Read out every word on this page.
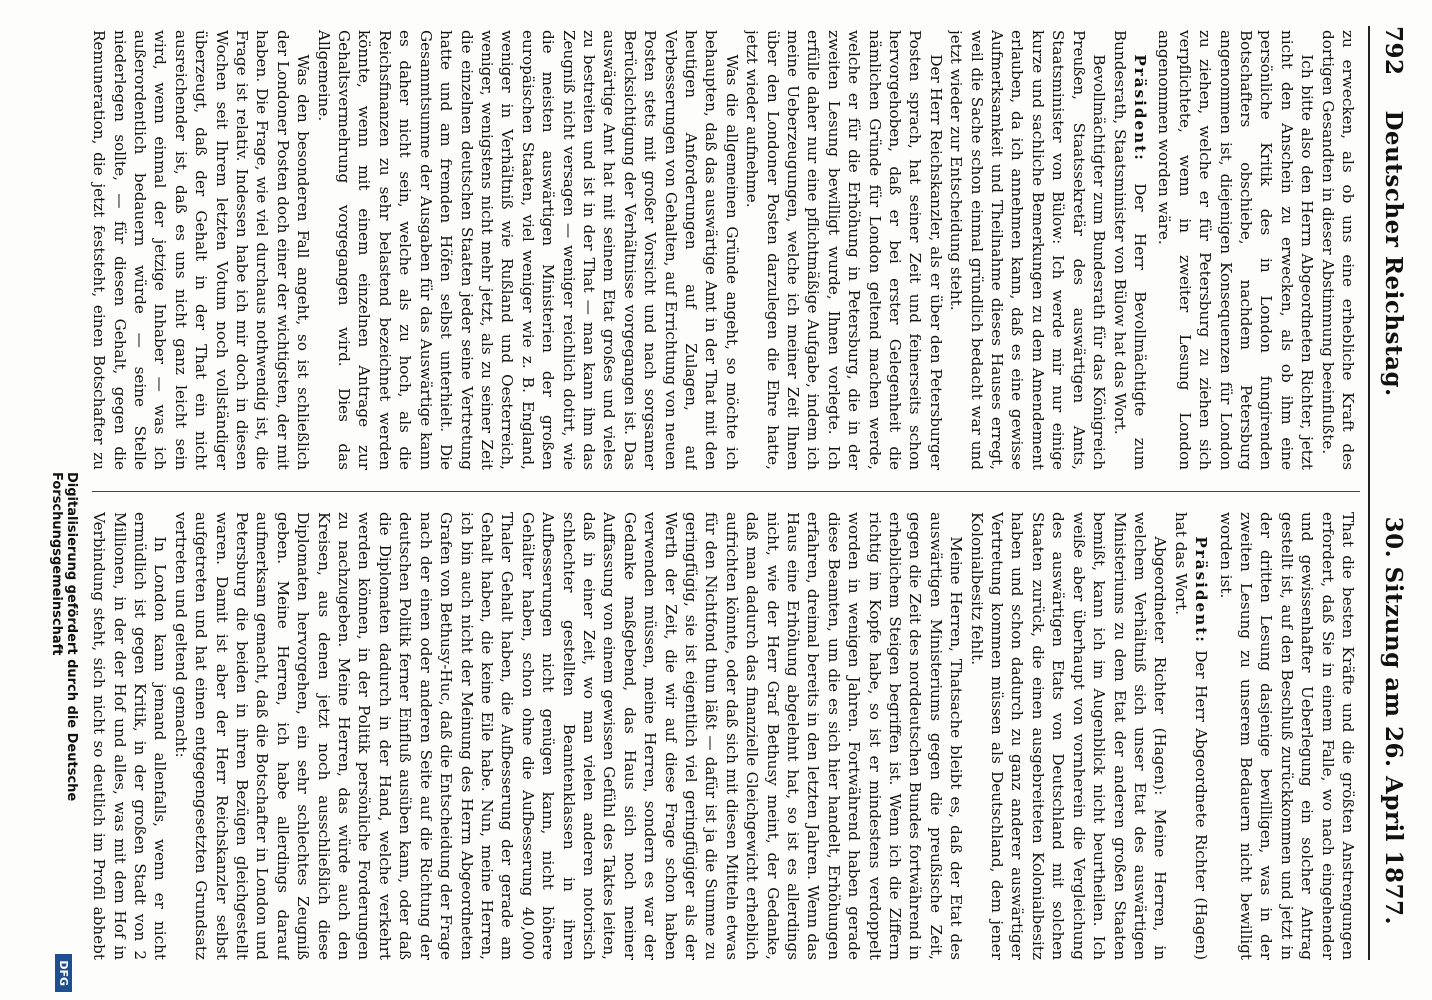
792
Deutscher Reichstag.
30. Sitzung am 26. April 1877.

zu erwecken, als ob uns eine erhebliche Kraft des dortigen Gesandten in dieser Abstimmung beeinflußte.

Ich bitte also den Herrn Abgeordneten Richter, jetzt nicht den Anschein zu erwecken, als ob ihm eine persönliche Kritik des in London fungirenden Botschafters obschiebe, nachdem Petersburg angenommen ist, diejenigen Konsequenzen für London zu ziehen, welche er für Petersburg zu ziehen sich verpflichtete, wenn in zweiter Lesung London angenommen worden wäre.

Präsident: Der Herr Bevollmächtigte zum Bundesrath, Staatsminister von Bülow hat das Wort.

Bevollmächtigter zum Bundesrath für das Königreich Preußen, Staatssekretär des auswärtigen Amts, Staatsminister von Bülow: Ich werde mir nur einige kurze und sachliche Bemerkungen zu dem Amendement erlauben, da ich annehmen kann, daß es eine gewisse Aufmerksamkeit und Theilnahme dieses Hauses erregt, weil die Sache schon einmal gründlich bedacht war und jetzt wieder zur Entscheidung steht.

Der Herr Reichskanzler, als er über den Petersburger Posten sprach, hat seiner Zeit und feinerseits schon hervorgehoben, daß er bei erster Gelegenheit die nämlichen Gründe für London geltend machen werde, welche er für die Erhöhung in Petersburg, die in der zweiten Lesung bewilligt wurde, Ihnen vorlegte. Ich erfülle daher nur eine pflichtmäßige Aufgabe, indem ich meine Ueberzeugungen, welche ich meiner Zeit Ihnen über den Londoner Posten darzulegen die Ehre hatte, jetzt wieder aufnehme.

Was die allgemeinen Gründe angeht, so möchte ich behaupten, daß das auswärtige Amt in der That mit den heutigen Anforderungen auf Zulagen, auf Verbesserungen von Gehalten, auf Errichtung von neuen Posten stets mit großer Vorsicht und nach sorgsamer Berücksichtigung der Verhältnisse vorgegangen ist. Das auswärtige Amt hat mit seinem Etat großes und vieles zu bestreiten und ist in der That — man kann ihm das Zeugniß nicht versagen — weniger reichlich dotirt, wie die meisten auswärtigen Ministerien der großen europäischen Staaten, viel weniger wie z. B. England, weniger in Verhältniß wie Rußland und Oesterreich, weniger, wenigstens nicht mehr jetzt, als zu seiner Zeit die einzelnen deutschen Staaten jeder seine Vertretung hatte und am fremden Höfen selbst unterhielt. Die Gesammtsumme der Ausgaben für das Auswärtige kann es daher nicht sein, welche als zu hoch, als die Reichsfinanzen zu sehr belastend bezeichnet werden könnte, wenn mit einem einzelnen Antrage zur Gehaltsvermehrung vorgegangen wird. Dies das Allgemeine.

Was den besonderen Fall angeht, so ist schließlich der Londoner Posten doch einer der wichtigsten, der mit haben. Die Frage, wie viel durchaus nothwendig ist, die Frage ist relativ. Indessen habe ich mir doch in diesen Wochen seit Ihrem letzten Votum noch vollständiger überzeugt, daß der Gehalt in der That ein nicht ausreichender ist, daß es uns nicht ganz leicht sein wird, wenn einmal der jetzige Inhaber — was ich außerordentlich bedauern würde — seine Stelle niederlegen sollte, — für diesen Gehalt, gegen die Remuneration, die jetzt feststeht, einen Botschafter zu

That die besten Kräfte und die größten Anstrengungen erfordert, daß Sie in einem Falle, wo nach eingehender und gewissenhafter Ueberlegung ein solcher Antrag gestellt ist, auf den Beschluß zurückkommen und jetzt in der dritten Lesung dasjenige bewilligen, was in der zweiten Lesung zu unserem Bedauern nicht bewilligt worden ist.

Präsident: Der Herr Abgeordnete Richter (Hagen) hat das Wort.

Abgeordneter Richter (Hagen): Meine Herren, in welchem Verhältniß sich unser Etat des auswärtigen Ministeriums zu dem Etat der anderen großen Staaten bemißt, kann ich im Augenblick nicht beurtheilen. Ich weiße aber überhaupt von vornherein die Vergleichung des auswärtigen Etats von Deutschland mit solchen Staaten zurück, die einen ausgebreiteten Kolonialbesitz haben und schon dadurch zu ganz anderer auswärtiger Vertretung kommen müssen als Deutschland, dem jener Kolonialbesitz fehlt.

Meine Herren, Thatsache bleibt es, daß der Etat des auswärtigen Ministeriums gegen die preußische Zeit, gegen die Zeit des norddeutschen Bundes fortwährend in erheblichem Steigen begriffen ist. Wenn ich die Ziffern richtig im Kopfe habe, so ist er mindestens verdoppelt worden in wenigen Jahren. Fortwährend haben gerade diese Beamten, um die es sich hier handelt, Erhöhungen erfahren, dreimal bereits in den letzten Jahren. Wenn das Haus eine Erhöhung abgelehnt hat, so ist es allerdings nicht, wie der Herr Graf Bethusy meint, der Gedanke, daß man dadurch das finanzielle Gleichgewicht erheblich aufrichten könnte, oder daß sich mit diesen Mitteln etwas für den Nichtfond thun läßt — dafür ist ja die Summe zu geringfügig, sie ist eigentlich viel geringfügiger als der Werth der Zeit, die wir auf diese Frage schon haben verwenden müssen, meine Herren, sondern es war der Gedanke maßgebend, das Haus sich noch meiner Auffassung von einem gewissen Gefühl des Taktes leiten, daß in einer Zeit, wo man vielen anderen notorisch schlechter gestellten Beamtenklassen in ihren Aufbesserungen nicht genügen kann, nicht höhere Gehälter haben, schon ohne die Aufbesserung 40,000 Thaler Gehalt haben, die Aufbesserung der gerade am Gehalt haben, die keine Eile habe. Nun, meine Herren, ich bin auch nicht der Meinung des Herrn Abgeordneten Grafen von Bethusy-Huc, daß die Entscheidung der Frage nach der einen oder anderen Seite auf die Richtung der deutschen Politik ferner Einfluß ausüben kann, oder daß die Diplomaten dadurch in der Hand, welche verkehrt werden können, in der Politik persönliche Forderungen zu nachzugeben. Meine Herren, das würde auch den Kreisen, aus denen jetzt noch ausschließlich diese Diplomaten hervorgehen, ein sehr schlechtes Zeugniß geben. Meine Herren, ich habe allerdings darauf aufmerksam gemacht, daß die Botschafter in London und Petersburg die beiden in ihren Bezügen gleichgestellt waren. Damit ist aber der Herr Reichskanzler selbst aufgetreten und hat einen entgegengesetzten Grundsatz vertreten und geltend gemacht:

In London kann jemand allenfalls, wenn er nicht ermüdlich ist gegen Kritik, in der großen Stadt von 2 Millionen, in der der Hof und alles, was mit dem Hof in Verbindung steht, sich nicht so deutlich im Profil abhebt

Digitalisierung gefördert durch die Deutsche Forschungsgemeinschaft
DFG
